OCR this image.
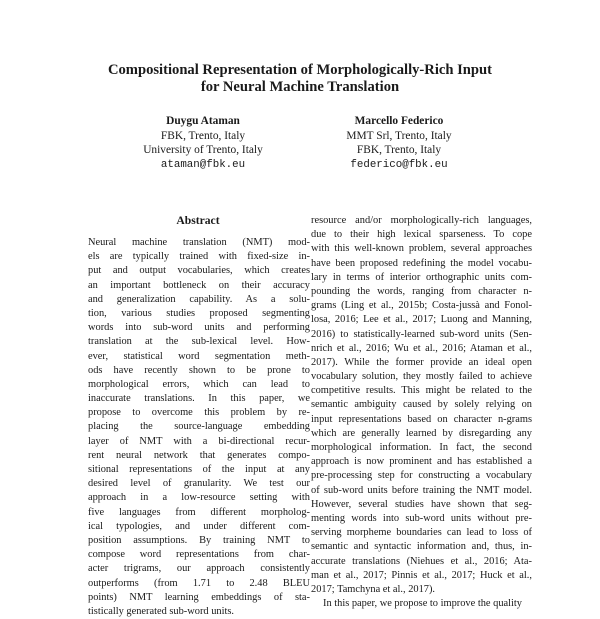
Compositional Representation of Morphologically-Rich Input
for Neural Machine Translation
Duygu Ataman
FBK, Trento, Italy
University of Trento, Italy
ataman@fbk.eu
Marcello Federico
MMT Srl, Trento, Italy
FBK, Trento, Italy
federico@fbk.eu
Abstract
Neural machine translation (NMT) mod-
els are typically trained with fixed-size in-
put and output vocabularies, which creates
an important bottleneck on their accuracy
and generalization capability. As a solu-
tion, various studies proposed segmenting
words into sub-word units and performing
translation at the sub-lexical level. How-
ever, statistical word segmentation meth-
ods have recently shown to be prone to
morphological errors, which can lead to
inaccurate translations. In this paper, we
propose to overcome this problem by re-
placing the source-language embedding
layer of NMT with a bi-directional recur-
rent neural network that generates compo-
sitional representations of the input at any
desired level of granularity. We test our
approach in a low-resource setting with
five languages from different morpholog-
ical typologies, and under different com-
position assumptions. By training NMT to
compose word representations from char-
acter trigrams, our approach consistently
outperforms (from 1.71 to 2.48 BLEU
points) NMT learning embeddings of sta-
tistically generated sub-word units.
resource and/or morphologically-rich languages,
due to their high lexical sparseness. To cope
with this well-known problem, several approaches
have been proposed redefining the model vocabu-
lary in terms of interior orthographic units com-
pounding the words, ranging from character n-
grams (Ling et al., 2015b; Costa-jussà and Fonol-
losa, 2016; Lee et al., 2017; Luong and Manning,
2016) to statistically-learned sub-word units (Sen-
nrich et al., 2016; Wu et al., 2016; Ataman et al.,
2017). While the former provide an ideal open
vocabulary solution, they mostly failed to achieve
competitive results. This might be related to the
semantic ambiguity caused by solely relying on
input representations based on character n-grams
which are generally learned by disregarding any
morphological information. In fact, the second
approach is now prominent and has established a
pre-processing step for constructing a vocabulary
of sub-word units before training the NMT model.
However, several studies have shown that seg-
menting words into sub-word units without pre-
serving morpheme boundaries can lead to loss of
semantic and syntactic information and, thus, in-
accurate translations (Niehues et al., 2016; Ata-
man et al., 2017; Pinnis et al., 2017; Huck et al.,
2017; Tamchyna et al., 2017).
In this paper, we propose to improve the quality
